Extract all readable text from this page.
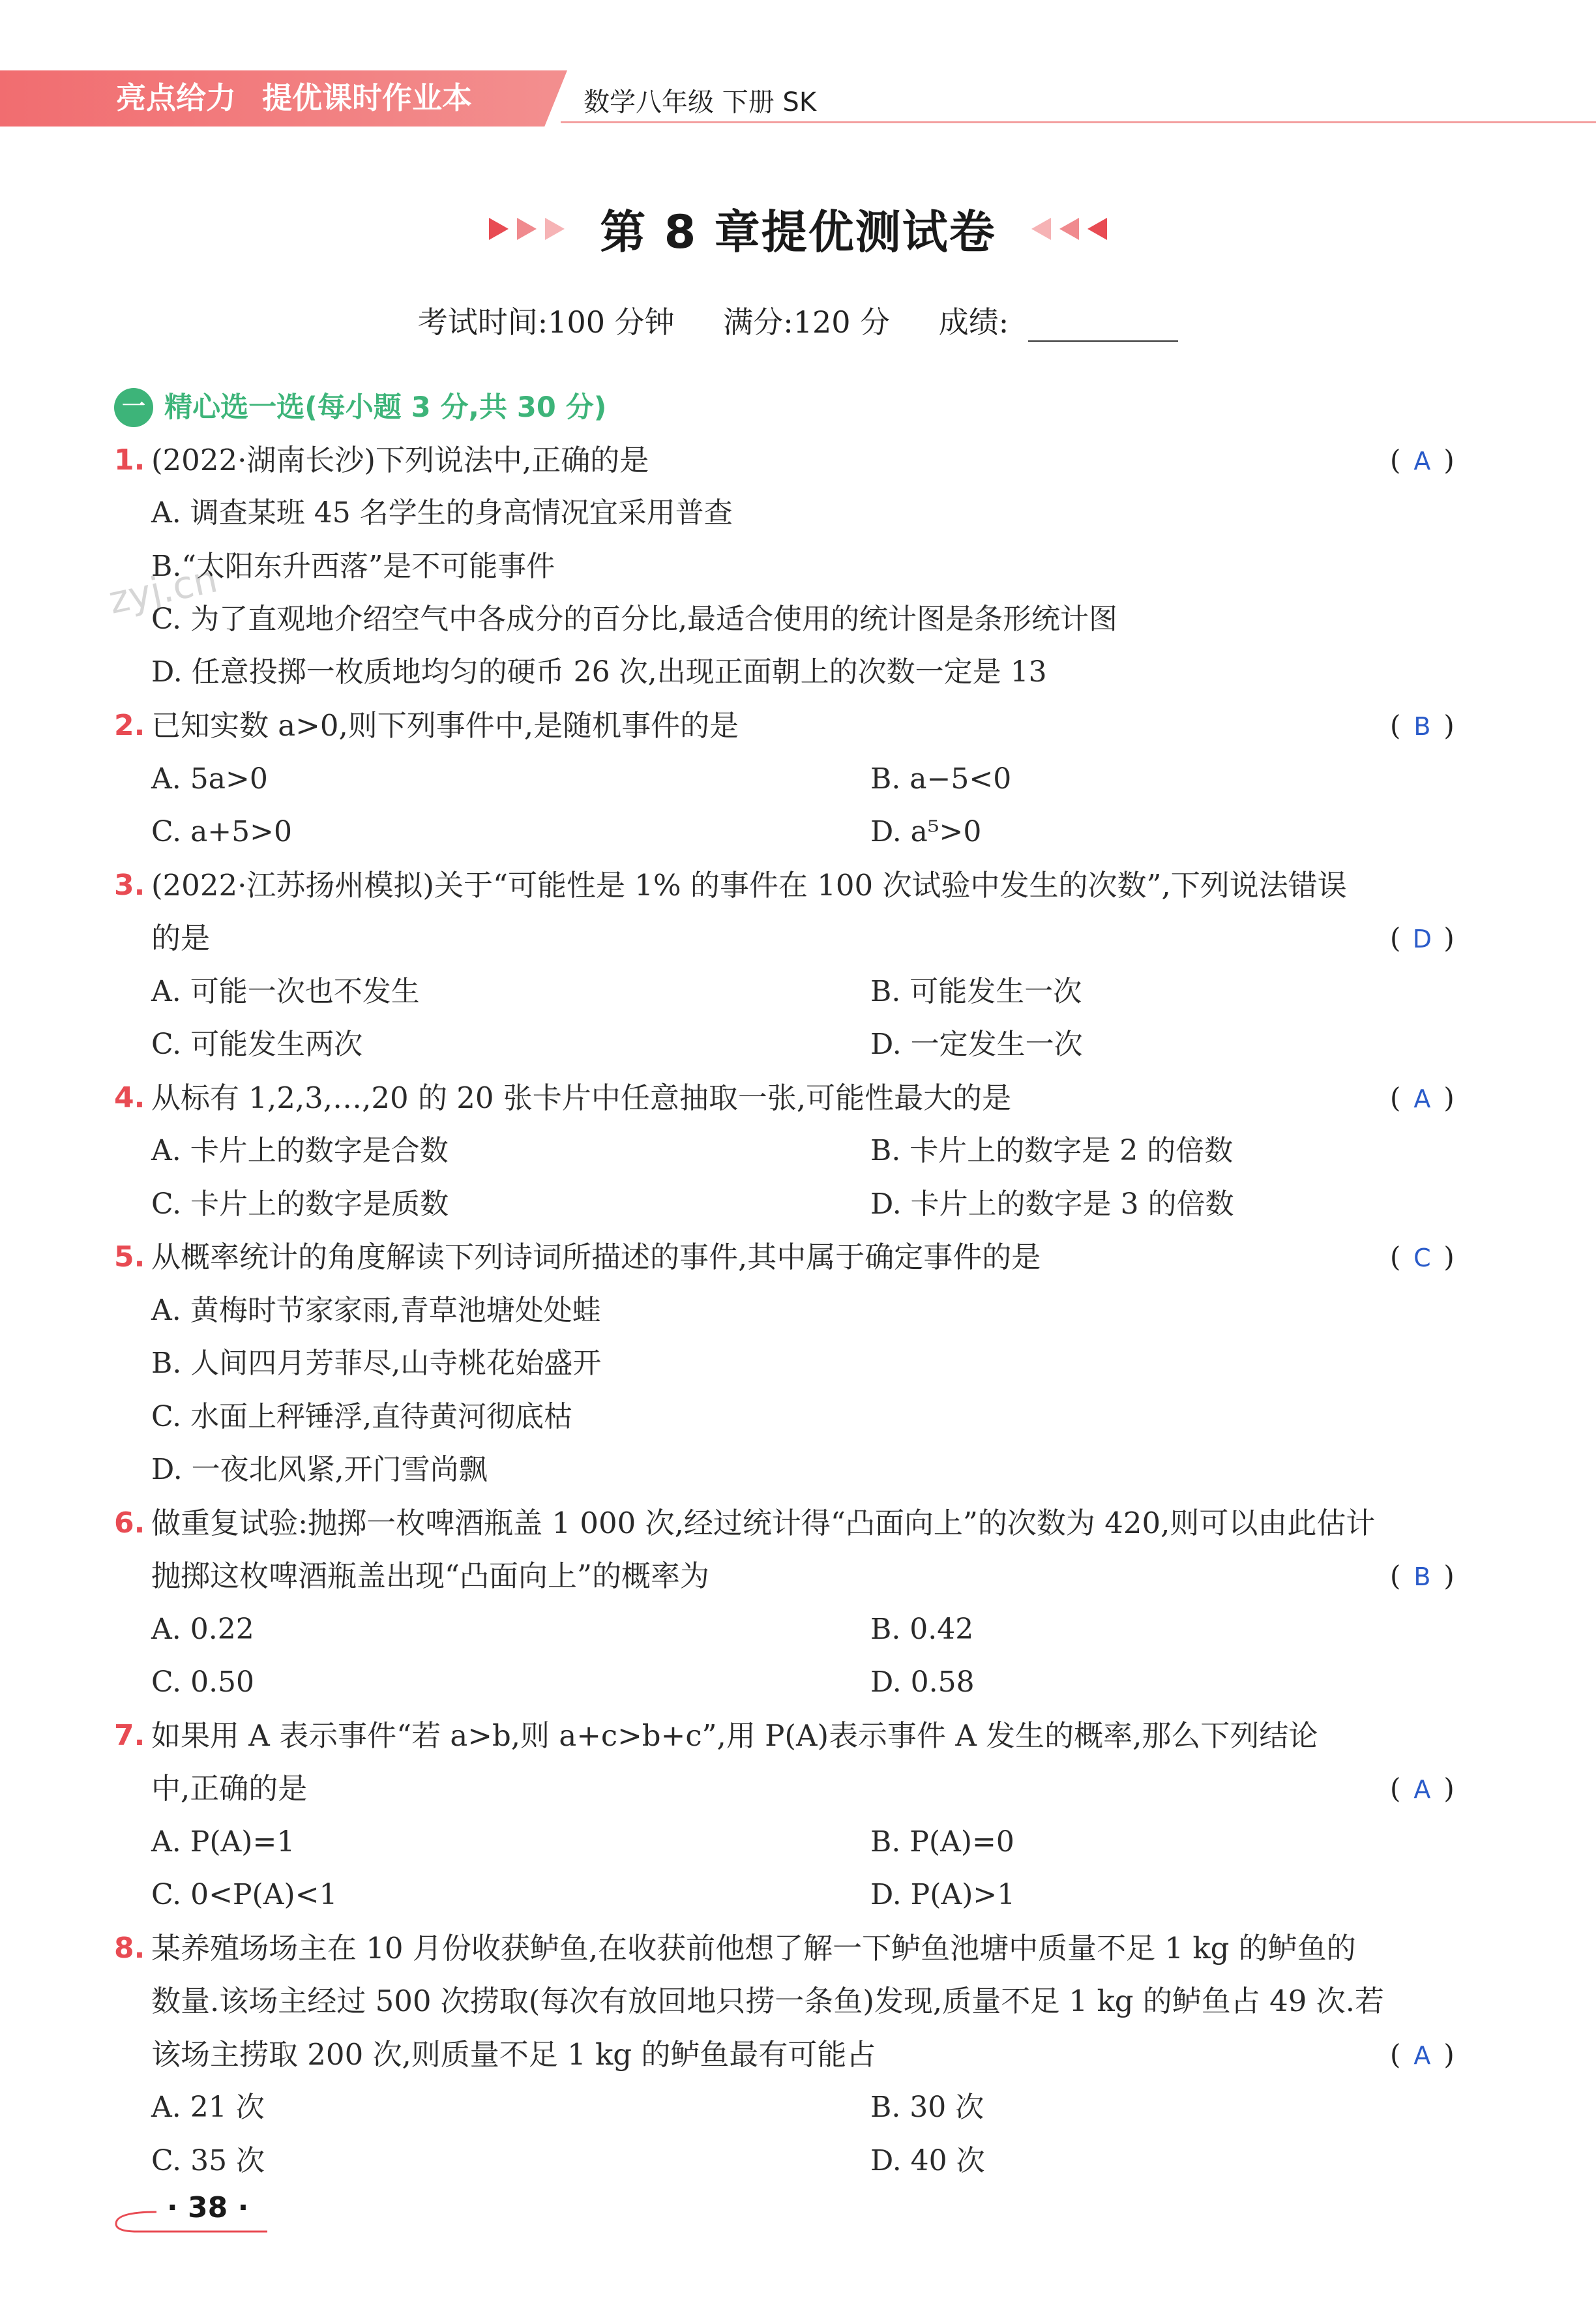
亮点给力 提优课时作业本	数学八年级 下册 SK
第 8 章提优测试卷
考试时间:100 分钟 满分:120 分 成绩:
一 精心选一选(每小题 3 分,共 30 分)
zyj.cn
1. (2022·湖南长沙)下列说法中,正确的是	( A )
A. 调查某班 45 名学生的身高情况宜采用普查
B.“太阳东升西落”是不可能事件
C. 为了直观地介绍空气中各成分的百分比,最适合使用的统计图是条形统计图
D. 任意投掷一枚质地均匀的硬币 26 次,出现正面朝上的次数一定是 13
2. 已知实数 a>0,则下列事件中,是随机事件的是	( B )
A. 5a>0	B. a−5<0
C. a+5>0	D. a⁵>0
3. (2022·江苏扬州模拟)关于“可能性是 1% 的事件在 100 次试验中发生的次数”,下列说法错误
的是	( D )
A. 可能一次也不发生	B. 可能发生一次
C. 可能发生两次	D. 一定发生一次
4. 从标有 1,2,3,…,20 的 20 张卡片中任意抽取一张,可能性最大的是	( A )
A. 卡片上的数字是合数	B. 卡片上的数字是 2 的倍数
C. 卡片上的数字是质数	D. 卡片上的数字是 3 的倍数
5. 从概率统计的角度解读下列诗词所描述的事件,其中属于确定事件的是	( C )
A. 黄梅时节家家雨,青草池塘处处蛙
B. 人间四月芳菲尽,山寺桃花始盛开
C. 水面上秤锤浮,直待黄河彻底枯
D. 一夜北风紧,开门雪尚飘
6. 做重复试验:抛掷一枚啤酒瓶盖 1 000 次,经过统计得“凸面向上”的次数为 420,则可以由此估计
抛掷这枚啤酒瓶盖出现“凸面向上”的概率为	( B )
A. 0.22	B. 0.42
C. 0.50	D. 0.58
7. 如果用 A 表示事件“若 a>b,则 a+c>b+c”,用 P(A)表示事件 A 发生的概率,那么下列结论
中,正确的是	( A )
A. P(A)=1	B. P(A)=0
C. 0<P(A)<1	D. P(A)>1
8. 某养殖场场主在 10 月份收获鲈鱼,在收获前他想了解一下鲈鱼池塘中质量不足 1 kg 的鲈鱼的
数量.该场主经过 500 次捞取(每次有放回地只捞一条鱼)发现,质量不足 1 kg 的鲈鱼占 49 次.若
该场主捞取 200 次,则质量不足 1 kg 的鲈鱼最有可能占	( A )
A. 21 次	B. 30 次
C. 35 次	D. 40 次
· 38 ·
